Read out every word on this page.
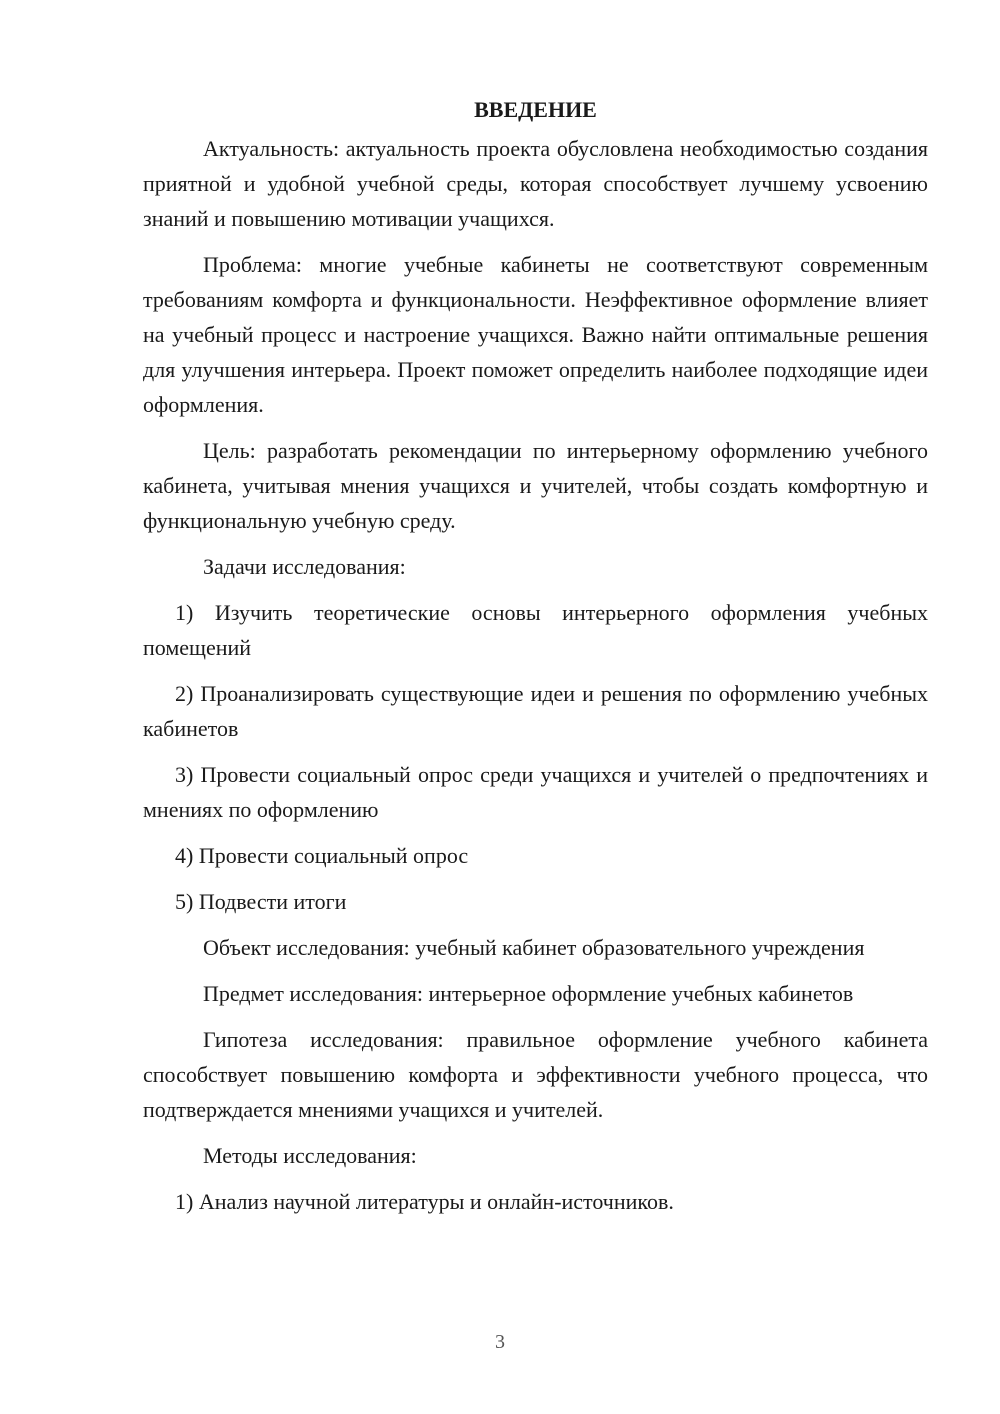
ВВЕДЕНИЕ

Актуальность: актуальность проекта обусловлена необходимостью создания приятной и удобной учебной среды, которая способствует лучшему усвоению знаний и повышению мотивации учащихся.

Проблема: многие учебные кабинеты не соответствуют современным требованиям комфорта и функциональности. Неэффективное оформление влияет на учебный процесс и настроение учащихся. Важно найти оптимальные решения для улучшения интерьера. Проект поможет определить наиболее подходящие идеи оформления.

Цель: разработать рекомендации по интерьерному оформлению учебного кабинета, учитывая мнения учащихся и учителей, чтобы создать комфортную и функциональную учебную среду.

Задачи исследования:

1) Изучить теоретические основы интерьерного оформления учебных помещений

2) Проанализировать существующие идеи и решения по оформлению учебных кабинетов

3) Провести социальный опрос среди учащихся и учителей о предпочтениях и мнениях по оформлению

4) Провести социальный опрос

5) Подвести итоги

Объект исследования: учебный кабинет образовательного учреждения

Предмет исследования: интерьерное оформление учебных кабинетов

Гипотеза исследования: правильное оформление учебного кабинета способствует повышению комфорта и эффективности учебного процесса, что подтверждается мнениями учащихся и учителей.

Методы исследования:

1) Анализ научной литературы и онлайн-источников.

3
